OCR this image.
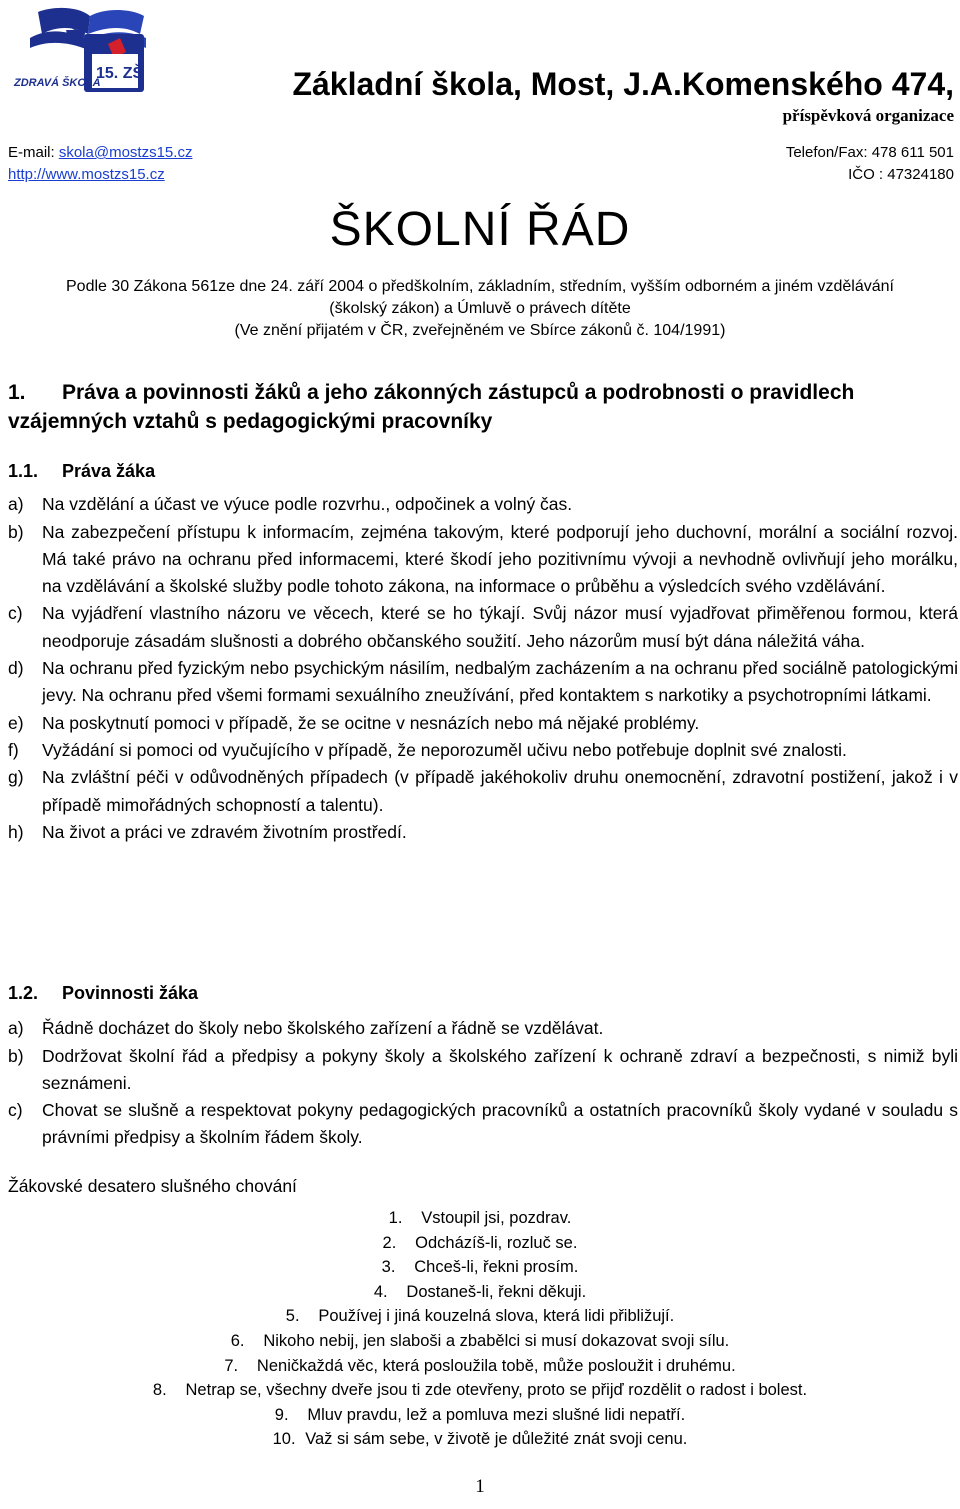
ZDRAVÁ ŠKOLA
15. ZŠ	Základní škola, Most, J.A.Komenského 474,
příspěvková organizace
E-mail: skola@mostzs15.cz
http://www.mostzs15.cz
Telefon/Fax: 478 611 501
IČO : 47324180
ŠKOLNÍ ŘÁD
Podle 30 Zákona 561ze dne 24. září 2004 o předškolním, základním, středním, vyšším odborném a jiném vzdělávání
(školský zákon) a Úmluvě o právech dítěte
(Ve znění přijatém v ČR, zveřejněném ve Sbírce zákonů č. 104/1991)
1. Práva a povinnosti žáků a jeho zákonných zástupců a podrobnosti o pravidlech vzájemných vztahů s pedagogickými pracovníky
1.1. Práva žáka
a)	Na vzdělání a účast ve výuce podle rozvrhu., odpočinek a volný čas.
b)	Na zabezpečení přístupu k informacím, zejména takovým, které podporují jeho duchovní, morální a sociální rozvoj. Má také právo na ochranu před informacemi, které škodí jeho pozitivnímu vývoji a nevhodně ovlivňují jeho morálku, na vzdělávání a školské služby podle tohoto zákona, na informace o průběhu a výsledcích svého vzdělávání.
c)	Na vyjádření vlastního názoru ve věcech, které se ho týkají. Svůj názor musí vyjadřovat přiměřenou formou, která neodporuje zásadám slušnosti a dobrého občanského soužití. Jeho názorům musí být dána náležitá váha.
d)	Na ochranu před fyzickým nebo psychickým násilím, nedbalým zacházením a na ochranu před sociálně patologickými jevy. Na ochranu před všemi formami sexuálního zneužívání, před kontaktem s narkotiky a psychotropními látkami.
e)	Na poskytnutí pomoci v případě, že se ocitne v nesnázích nebo má nějaké problémy.
f)	Vyžádání si pomoci od vyučujícího v případě, že neporozuměl učivu nebo potřebuje doplnit své znalosti.
g)	Na zvláštní péči v odůvodněných případech (v případě jakéhokoliv druhu onemocnění, zdravotní postižení, jakož i v případě mimořádných schopností a talentu).
h)	Na život a práci ve zdravém životním prostředí.
1.2. Povinnosti žáka
a)	Řádně docházet do školy nebo školského zařízení a řádně se vzdělávat.
b)	Dodržovat školní řád a předpisy a pokyny školy a školského zařízení k ochraně zdraví a bezpečnosti, s nimiž byli seznámeni.
c)	Chovat se slušně a respektovat pokyny pedagogických pracovníků a ostatních pracovníků školy vydané v souladu s právními předpisy a školním řádem školy.
Žákovské desatero slušného chování
1. Vstoupil jsi, pozdrav.
2. Odcházíš-li, rozluč se.
3. Chceš-li, řekni prosím.
4. Dostaneš-li, řekni děkuji.
5. Používej i jiná kouzelná slova, která lidi přibližují.
6. Nikoho nebij, jen slaboši a zbabělci si musí dokazovat svoji sílu.
7. Neničkaždá věc, která posloužila tobě, může posloužit i druhému.
8. Netrap se, všechny dveře jsou ti zde otevřeny, proto se přijď rozdělit o radost i bolest.
9. Mluv pravdu, lež a pomluva mezi slušné lidi nepatří.
10. Važ si sám sebe, v životě je důležité znát svoji cenu.
1
